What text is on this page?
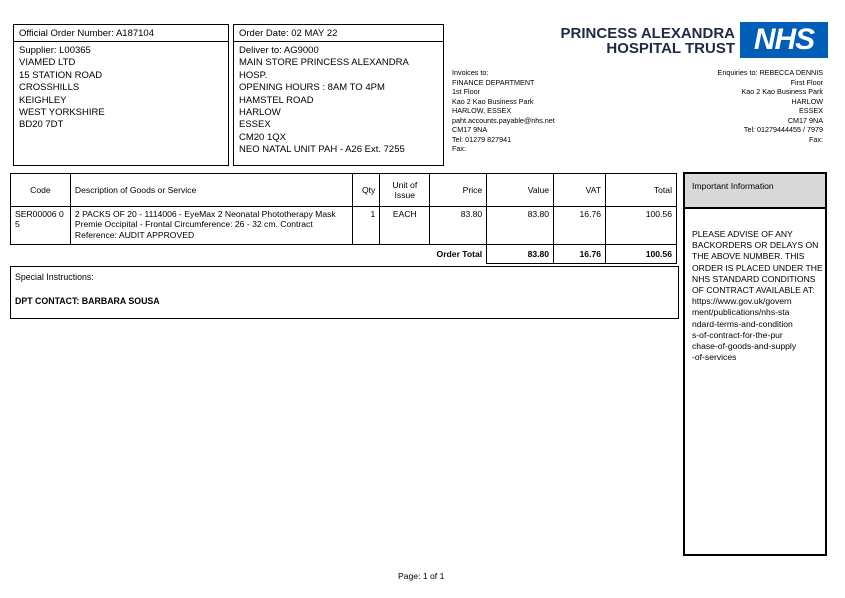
Official Order Number: A187104
Supplier: L00365
VIAMED LTD
15 STATION ROAD
CROSSHILLS
KEIGHLEY
WEST YORKSHIRE
BD20 7DT
Order Date: 02 MAY 22
Deliver to: AG9000
MAIN STORE PRINCESS ALEXANDRA
HOSP.
OPENING HOURS : 8AM TO 4PM
HAMSTEL ROAD
HARLOW
ESSEX
CM20 1QX
NEO NATAL UNIT PAH - A26 Ext. 7255
PRINCESS ALEXANDRA
HOSPITAL TRUST NHS
Invoices to:
FINANCE DEPARTMENT
1st Floor
Kao 2 Kao Business Park
HARLOW, ESSEX
paht.accounts.payable@nhs.net
CM17 9NA
Tel: 01279 827941
Fax:
Enquiries to: REBECCA DENNIS
First Floor
Kao 2 Kao Business Park
HARLOW
ESSEX
CM17 9NA
Tel: 01279444455 / 7979
Fax:
Code	Description of Goods or Service	Qty	Unit of Issue	Price	Value	VAT	Total
SER00006 05	2 PACKS OF 20 - 1114006 - EyeMax 2 Neonatal Phototherapy Mask Premie Occipital - Frontal Circumference: 26 - 32 cm. Contract Reference: AUDIT APPROVED	1	EACH	83.80	83.80	16.76	100.56
				Order Total	83.80	16.76	100.56
Special Instructions:
DPT CONTACT: BARBARA SOUSA
Important Information
PLEASE ADVISE OF ANY BACKORDERS OR DELAYS ON THE ABOVE NUMBER. THIS ORDER IS PLACED UNDER THE NHS STANDARD CONDITIONS OF CONTRACT AVAILABLE AT:
https://www.gov.uk/govern
ment/publications/nhs-sta
ndard-terms-and-condition
s-of-contract-for-the-pur
chase-of-goods-and-supply
-of-services
Page: 1 of 1
